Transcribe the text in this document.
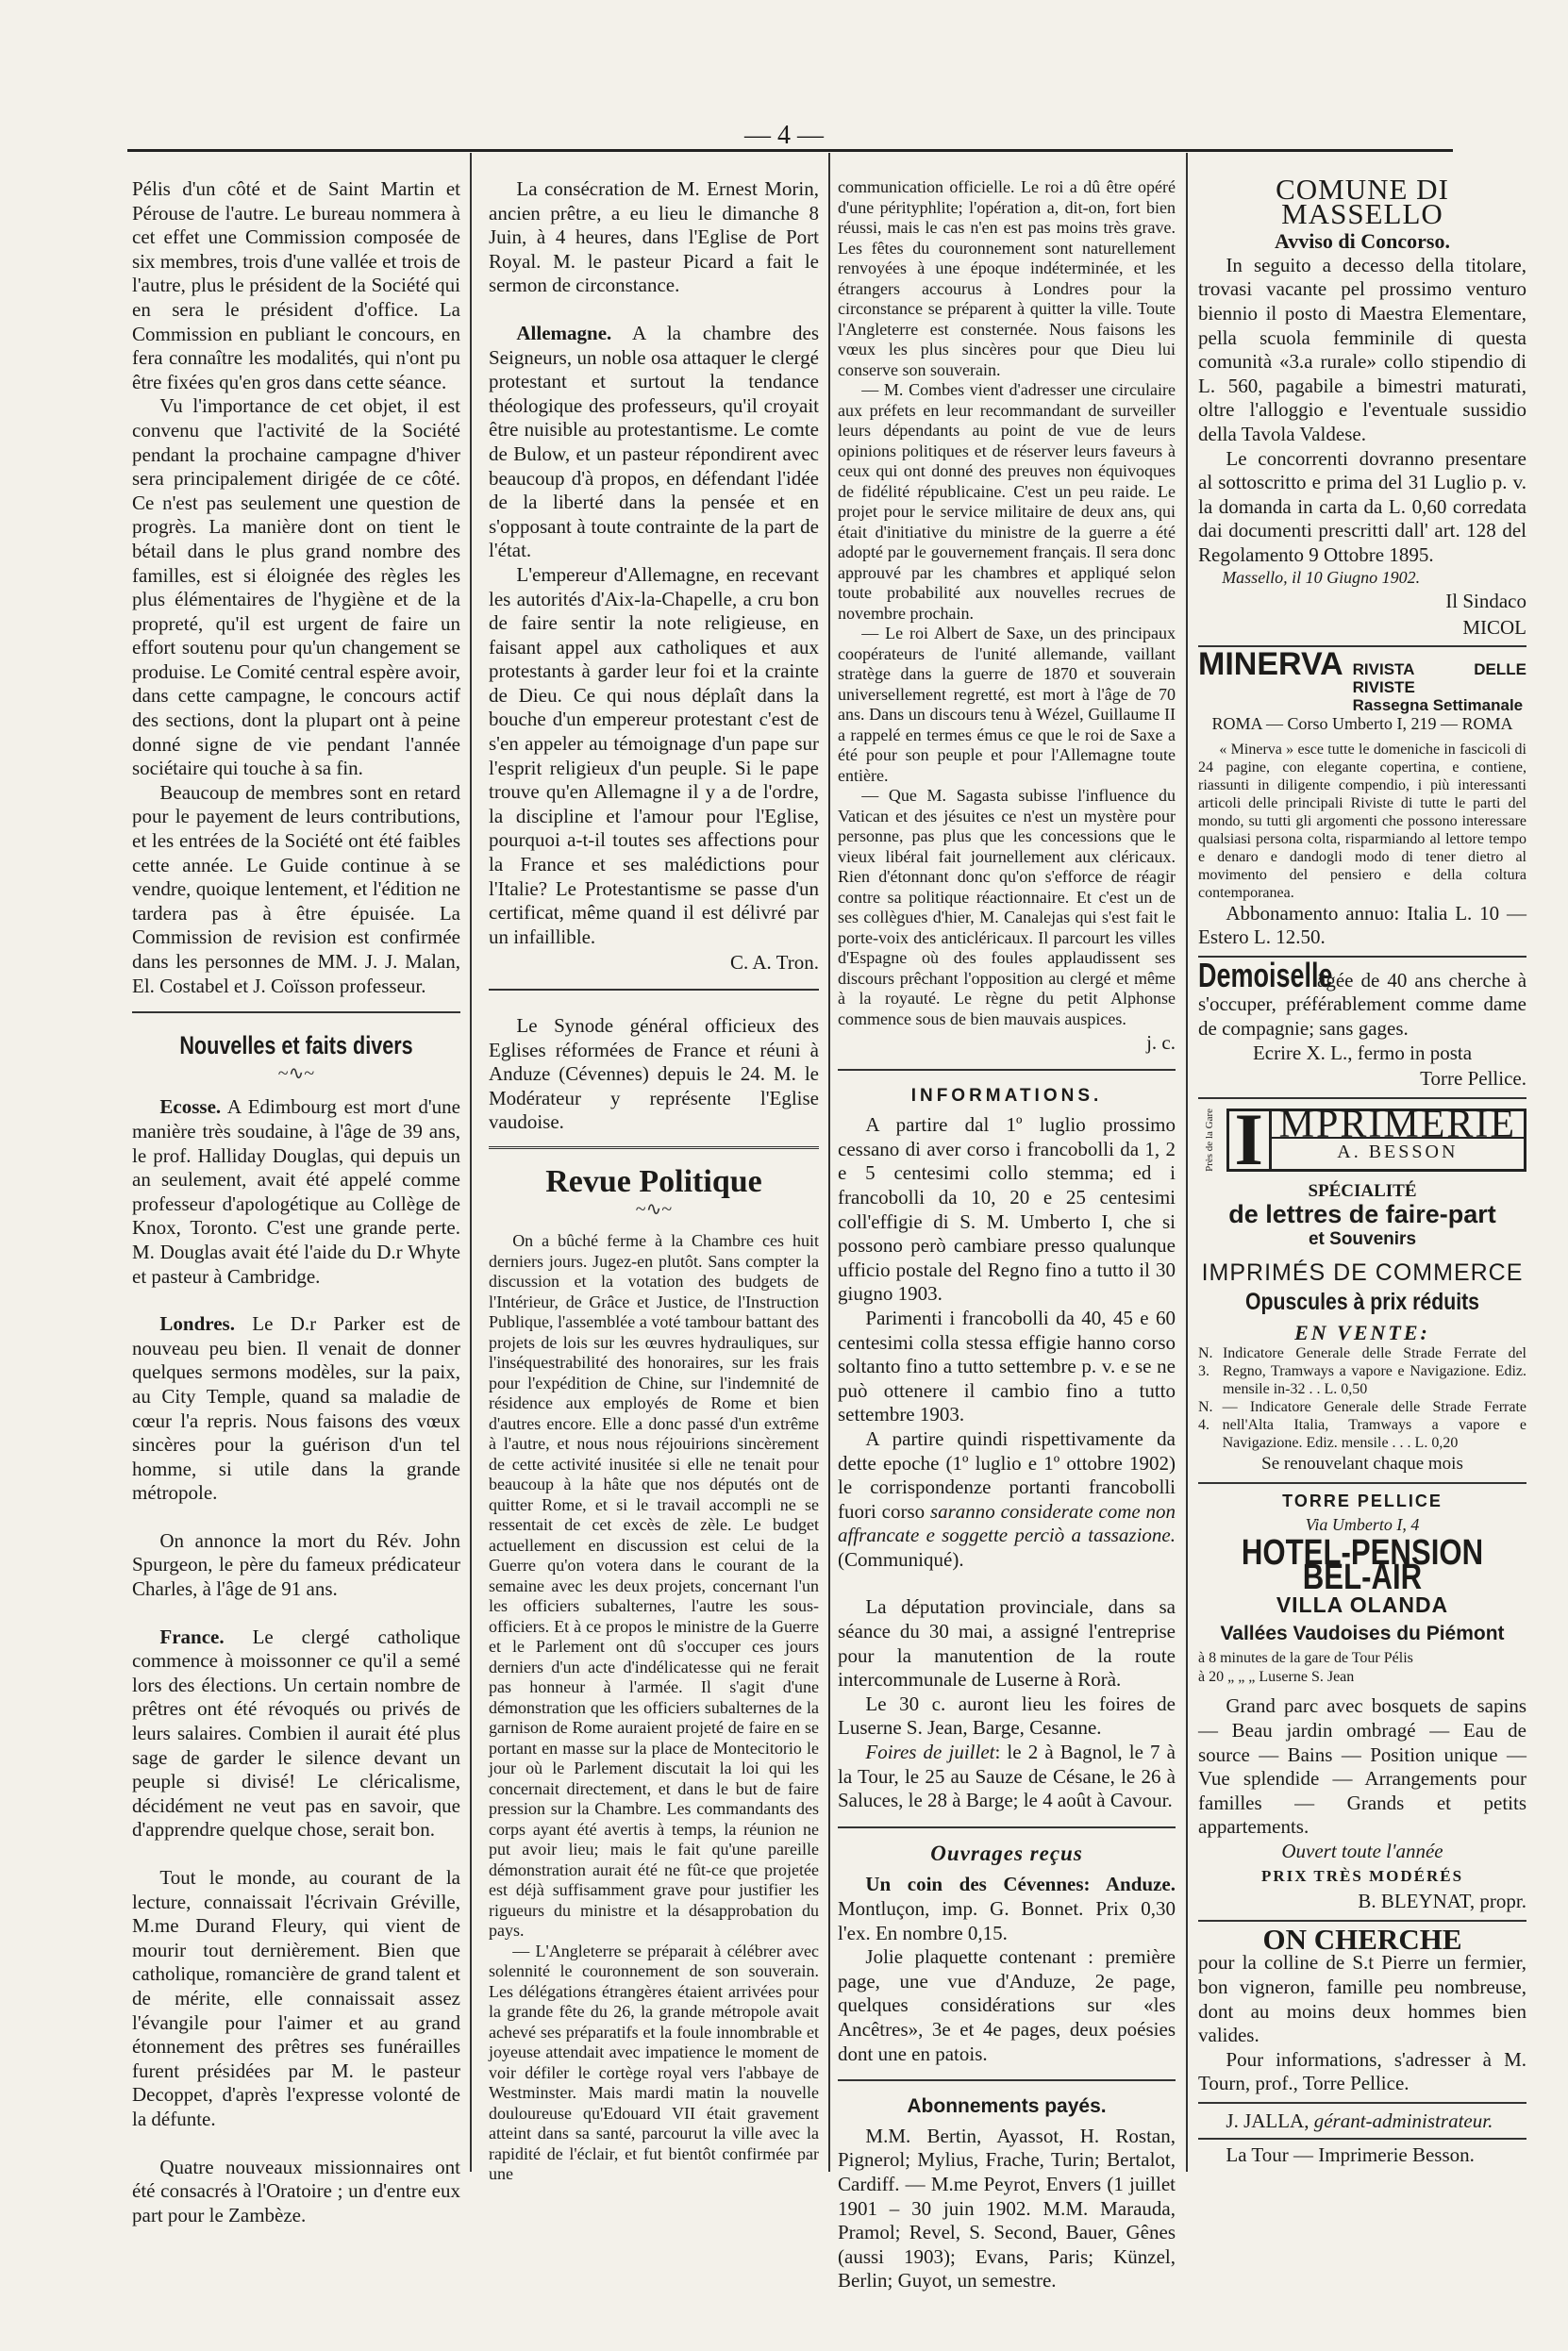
— 4 —

Pélis d'un côté et de Saint Martin et Pérouse de l'autre. Le bureau nommera à cet effet une Commission composée de six membres, trois d'une vallée et trois de l'autre, plus le président de la Société qui en sera le président d'office. La Commission en publiant le concours, en fera connaître les modalités, qui n'ont pu être fixées qu'en gros dans cette séance.

Vu l'importance de cet objet, il est convenu que l'activité de la Société pendant la prochaine campagne d'hiver sera principalement dirigée de ce côté. Ce n'est pas seulement une question de progrès. La manière dont on tient le bétail dans le plus grand nombre des familles, est si éloignée des règles les plus élémentaires de l'hygiène et de la propreté, qu'il est urgent de faire un effort soutenu pour qu'un changement se produise. Le Comité central espère avoir, dans cette campagne, le concours actif des sections, dont la plupart ont à peine donné signe de vie pendant l'année sociétaire qui touche à sa fin.

Beaucoup de membres sont en retard pour le payement de leurs contributions, et les entrées de la Société ont été faibles cette année. Le Guide continue à se vendre, quoique lentement, et l'édition ne tardera pas à être épuisée. La Commission de revision est confirmée dans les personnes de MM. J. J. Malan, El. Costabel et J. Coïsson professeur.

Nouvelles et faits divers
~∿~

Ecosse. A Edimbourg est mort d'une manière très soudaine, à l'âge de 39 ans, le prof. Halliday Douglas, qui depuis un an seulement, avait été appelé comme professeur d'apologétique au Collège de Knox, Toronto. C'est une grande perte. M. Douglas avait été l'aide du D.r Whyte et pasteur à Cambridge.

Londres. Le D.r Parker est de nouveau peu bien. Il venait de donner quelques sermons modèles, sur la paix, au City Temple, quand sa maladie de cœur l'a repris. Nous faisons des vœux sincères pour la guérison d'un tel homme, si utile dans la grande métropole.

On annonce la mort du Rév. John Spurgeon, le père du fameux prédicateur Charles, à l'âge de 91 ans.

France. Le clergé catholique commence à moissonner ce qu'il a semé lors des élections. Un certain nombre de prêtres ont été révoqués ou privés de leurs salaires. Combien il aurait été plus sage de garder le silence devant un peuple si divisé! Le cléricalisme, décidément ne veut pas en savoir, que d'apprendre quelque chose, serait bon.

Tout le monde, au courant de la lecture, connaissait l'écrivain Gréville, M.me Durand Fleury, qui vient de mourir tout dernièrement. Bien que catholique, romancière de grand talent et de mérite, elle connaissait assez l'évangile pour l'aimer et au grand étonnement des prêtres ses funérailles furent présidées par M. le pasteur Decoppet, d'après l'expresse volonté de la défunte.

Quatre nouveaux missionnaires ont été consacrés à l'Oratoire ; un d'entre eux part pour le Zambèze.

La consécration de M. Ernest Morin, ancien prêtre, a eu lieu le dimanche 8 Juin, à 4 heures, dans l'Eglise de Port Royal. M. le pasteur Picard a fait le sermon de circonstance.

Allemagne. A la chambre des Seigneurs, un noble osa attaquer le clergé protestant et surtout la tendance théologique des professeurs, qu'il croyait être nuisible au protestantisme. Le comte de Bulow, et un pasteur répondirent avec beaucoup d'à propos, en défendant l'idée de la liberté dans la pensée et en s'opposant à toute contrainte de la part de l'état.

L'empereur d'Allemagne, en recevant les autorités d'Aix-la-Chapelle, a cru bon de faire sentir la note religieuse, en faisant appel aux catholiques et aux protestants à garder leur foi et la crainte de Dieu. Ce qui nous déplaît dans la bouche d'un empereur protestant c'est de s'en appeler au témoignage d'un pape sur l'esprit religieux d'un peuple. Si le pape trouve qu'en Allemagne il y a de l'ordre, la discipline et l'amour pour l'Eglise, pourquoi a-t-il toutes ses affections pour la France et ses malédictions pour l'Italie? Le Protestantisme se passe d'un certificat, même quand il est délivré par un infaillible.

C. A. Tron.

Le Synode général officieux des Eglises réformées de France et réuni à Anduze (Cévennes) depuis le 24. M. le Modérateur y représente l'Eglise vaudoise.

Revue Politique
~∿~

On a bûché ferme à la Chambre ces huit derniers jours. Jugez-en plutôt. Sans compter la discussion et la votation des budgets de l'Intérieur, de Grâce et Justice, de l'Instruction Publique, l'assemblée a voté tambour battant des projets de lois sur les œuvres hydrauliques, sur l'inséquestrabilité des honoraires, sur les frais pour l'expédition de Chine, sur l'indemnité de résidence aux employés de Rome et bien d'autres encore. Elle a donc passé d'un extrême à l'autre, et nous nous réjouirions sincèrement de cette activité inusitée si elle ne tenait pour beaucoup à la hâte que nos députés ont de quitter Rome, et si le travail accompli ne se ressentait de cet excès de zèle. Le budget actuellement en discussion est celui de la Guerre qu'on votera dans le courant de la semaine avec les deux projets, concernant l'un les officiers subalternes, l'autre les sous-officiers. Et à ce propos le ministre de la Guerre et le Parlement ont dû s'occuper ces jours derniers d'un acte d'indélicatesse qui ne ferait pas honneur à l'armée. Il s'agit d'une démonstration que les officiers subalternes de la garnison de Rome auraient projeté de faire en se portant en masse sur la place de Montecitorio le jour où le Parlement discutait la loi qui les concernait directement, et dans le but de faire pression sur la Chambre. Les commandants des corps ayant été avertis à temps, la réunion ne put avoir lieu; mais le fait qu'une pareille démonstration aurait été ne fût-ce que projetée est déjà suffisamment grave pour justifier les rigueurs du ministre et la désapprobation du pays.

— L'Angleterre se préparait à célébrer avec solennité le couronnement de son souverain. Les délégations étrangères étaient arrivées pour la grande fête du 26, la grande métropole avait achevé ses préparatifs et la foule innombrable et joyeuse attendait avec impatience le moment de voir défiler le cortège royal vers l'abbaye de Westminster. Mais mardi matin la nouvelle douloureuse qu'Edouard VII était gravement atteint dans sa santé, parcourut la ville avec la rapidité de l'éclair, et fut bientôt confirmée par une

communication officielle. Le roi a dû être opéré d'une pérityphlite; l'opération a, dit-on, fort bien réussi, mais le cas n'en est pas moins très grave. Les fêtes du couronnement sont naturellement renvoyées à une époque indéterminée, et les étrangers accourus à Londres pour la circonstance se préparent à quitter la ville. Toute l'Angleterre est consternée. Nous faisons les vœux les plus sincères pour que Dieu lui conserve son souverain.

— M. Combes vient d'adresser une circulaire aux préfets en leur recommandant de surveiller leurs dépendants au point de vue de leurs opinions politiques et de réserver leurs faveurs à ceux qui ont donné des preuves non équivoques de fidélité républicaine. C'est un peu raide. Le projet pour le service militaire de deux ans, qui était d'initiative du ministre de la guerre a été adopté par le gouvernement français. Il sera donc approuvé par les chambres et appliqué selon toute probabilité aux nouvelles recrues de novembre prochain.

— Le roi Albert de Saxe, un des principaux coopérateurs de l'unité allemande, vaillant stratège dans la guerre de 1870 et souverain universellement regretté, est mort à l'âge de 70 ans. Dans un discours tenu à Wézel, Guillaume II a rappelé en termes émus ce que le roi de Saxe a été pour son peuple et pour l'Allemagne toute entière.

— Que M. Sagasta subisse l'influence du Vatican et des jésuites ce n'est un mystère pour personne, pas plus que les concessions que le vieux libéral fait journellement aux cléricaux. Rien d'étonnant donc qu'on s'efforce de réagir contre sa politique réactionnaire. Et c'est un de ses collègues d'hier, M. Canalejas qui s'est fait le porte-voix des anticléricaux. Il parcourt les villes d'Espagne où des foules applaudissent ses discours prêchant l'opposition au clergé et même à la royauté. Le règne du petit Alphonse commence sous de bien mauvais auspices.

j. c.
INFORMATIONS.

A partire dal 1º luglio prossimo cessano di aver corso i francobolli da 1, 2 e 5 centesimi collo stemma; ed i francobolli da 10, 20 e 25 centesimi coll'effigie di S. M. Umberto I, che si possono però cambiare presso qualunque ufficio postale del Regno fino a tutto il 30 giugno 1903.

Parimenti i francobolli da 40, 45 e 60 centesimi colla stessa effigie hanno corso soltanto fino a tutto settembre p. v. e se ne può ottenere il cambio fino a tutto settembre 1903.

A partire quindi rispettivamente da dette epoche (1º luglio e 1º ottobre 1902) le corrispondenze portanti francobolli fuori corso saranno considerate come non affrancate e soggette perciò a tassazione. (Communiqué).

La députation provinciale, dans sa séance du 30 mai, a assigné l'entreprise pour la manutention de la route intercommunale de Luserne à Rorà.

Le 30 c. auront lieu les foires de Luserne S. Jean, Barge, Cesanne.

Foires de juillet: le 2 à Bagnol, le 7 à la Tour, le 25 au Sauze de Césane, le 26 à Saluces, le 28 à Barge; le 4 août à Cavour.

Ouvrages reçus

Un coin des Cévennes: Anduze. Montluçon, imp. G. Bonnet. Prix 0,30 l'ex. En nombre 0,15.

Jolie plaquette contenant : première page, une vue d'Anduze, 2e page, quelques considérations sur «les Ancêtres», 3e et 4e pages, deux poésies dont une en patois.

Abonnements payés.

M.M. Bertin, Ayassot, H. Rostan, Pignerol; Mylius, Frache, Turin; Bertalot, Cardiff. — M.me Peyrot, Envers (1 juillet 1901 – 30 juin 1902. M.M. Marauda, Pramol; Revel, S. Second, Bauer, Gênes (aussi 1903); Evans, Paris; Künzel, Berlin; Guyot, un semestre.

COMUNE DI MASSELLO
Avviso di Concorso.

In seguito a decesso della titolare, trovasi vacante pel prossimo venturo biennio il posto di Maestra Elementare, pella scuola femminile di questa comunità «3.a rurale» collo stipendio di L. 560, pagabile a bimestri maturati, oltre l'alloggio e l'eventuale sussidio della Tavola Valdese.

Le concorrenti dovranno presentare al sottoscritto e prima del 31 Luglio p. v. la domanda in carta da L. 0,60 corredata dai documenti prescritti dall' art. 128 del Regolamento 9 Ottobre 1895.

Massello, il 10 Giugno 1902.
Il Sindaco
MICOL
MINERVA RIVISTA DELLE RIVISTE
Rassegna Settimanale
ROMA — Corso Umberto I, 219 — ROMA
« Minerva » esce tutte le domeniche in fascicoli di 24 pagine, con elegante copertina, e contiene, riassunti in diligente compendio, i più interessanti articoli delle principali Riviste di tutte le parti del mondo, su tutti gli argomenti che possono interessare qualsiasi persona colta, risparmiando al lettore tempo e denaro e dandogli modo di tener dietro al movimento del pensiero e della coltura contemporanea.
Abbonamento annuo: Italia L. 10 — Estero L. 12.50.
Demoiselle âgée de 40 ans cherche à s'occuper, préférablement comme dame de compagnie; sans gages.
Ecrire X. L., fermo in posta
Torre Pellice.
Près de la Gare I MPRIMERIE
A. BESSON
SPÉCIALITÉ
de lettres de faire-part
et Souvenirs
IMPRIMÉS DE COMMERCE
Opuscules à prix réduits
EN VENTE:
N. 3.
Indicatore Generale delle Strade Ferrate del Regno, Tramways a vapore e Navigazione. Ediz. mensile in-32 . . L. 0,50
N. 4.
— Indicatore Generale delle Strade Ferrate nell'Alta Italia, Tramways a vapore e Navigazione. Ediz. mensile . . . L. 0,20
Se renouvelant chaque mois
TORRE PELLICE
Via Umberto I, 4
HOTEL-PENSION BEL-AIR
VILLA OLANDA
Vallées Vaudoises du Piémont
à 8 minutes de la gare de Tour Pélis
à 20 „ „ „ Luserne S. Jean

Grand parc avec bosquets de sapins — Beau jardin ombragé — Eau de source — Bains — Position unique — Vue splendide — Arrangements pour familles — Grands et petits appartements.

Ouvert toute l'année
PRIX TRÈS MODÉRÉS
B. BLEYNAT, propr.
ON CHERCHE

pour la colline de S.t Pierre un fermier, bon vigneron, famille peu nombreuse, dont au moins deux hommes bien valides.

Pour informations, s'adresser à M. Tourn, prof., Torre Pellice.

J. JALLA, gérant-administrateur.
La Tour — Imprimerie Besson.
